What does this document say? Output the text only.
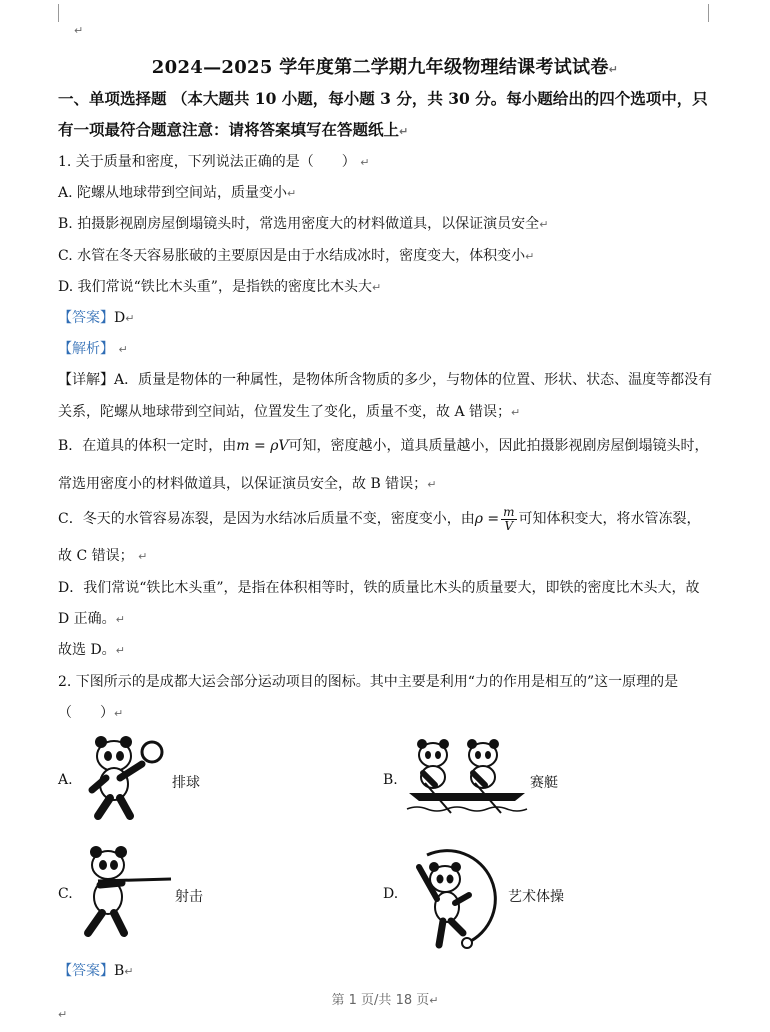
↵
2024—2025 学年度第二学期九年级物理结课考试试卷↵
一、单项选择题 （本大题共 10 小题，每小题 3 分，共 30 分。每小题给出的四个选项中，只
有一项最符合题意注意：请将答案填写在答题纸上↵
1. 关于质量和密度，下列说法正确的是（　　） ↵
A. 陀螺从地球带到空间站，质量变小↵
B. 拍摄影视剧房屋倒塌镜头时，常选用密度大的材料做道具，以保证演员安全↵
C. 水管在冬天容易胀破的主要原因是由于水结成冰时，密度变大，体积变小↵
D. 我们常说“铁比木头重”，是指铁的密度比木头大↵
【答案】D↵
【解析】 ↵
【详解】A．质量是物体的一种属性，是物体所含物质的多少，与物体的位置、形状、状态、温度等都没有
关系，陀螺从地球带到空间站，位置发生了变化，质量不变，故 A 错误；↵
B．在道具的体积一定时，由m = ρV可知，密度越小，道具质量越小，因此拍摄影视剧房屋倒塌镜头时，
常选用密度小的材料做道具，以保证演员安全，故 B 错误；↵
C．冬天的水管容易冻裂，是因为水结冰后质量不变，密度变小，由$\rho = \frac{m}{V}$ 可知体积变大，将水管冻裂，
故 C 错误； ↵
D．我们常说“铁比木头重”，是指在体积相等时，铁的质量比木头的质量要大，即铁的密度比木头大，故
D 正确。↵
故选 D。↵
2. 下图所示的是成都大运会部分运动项目的图标。其中主要是利用“力的作用是相互的”这一原理的是
（　　）↵
A.	排球	B.	赛艇
C.	射击	D.	艺术体操
【答案】B↵
第 1 页/共 18 页↵
↵
